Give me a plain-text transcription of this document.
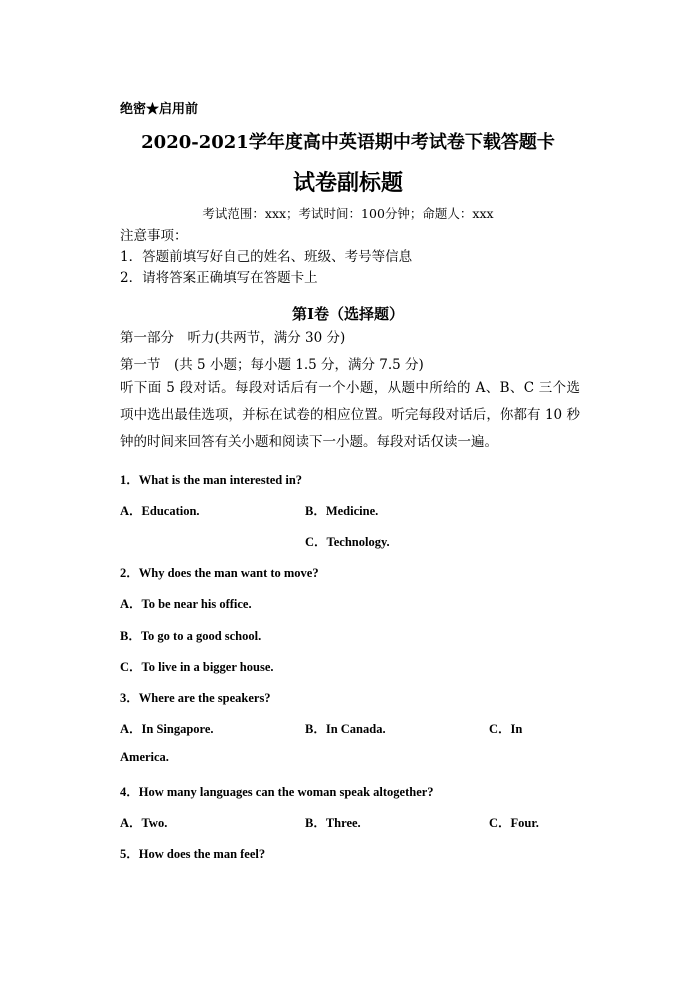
绝密★启用前
2020-2021学年度高中英语期中考试卷下载答题卡
试卷副标题
考试范围：xxx；考试时间：100分钟；命题人：xxx
注意事项：
1．答题前填写好自己的姓名、班级、考号等信息
2．请将答案正确填写在答题卡上
第I卷（选择题）
第一部分　听力(共两节，满分 30 分)
第一节　(共 5 小题；每小题 1.5 分，满分 7.5 分)
听下面 5 段对话。每段对话后有一个小题，从题中所给的 A、B、C 三个选项中选出最佳选项，并标在试卷的相应位置。听完每段对话后，你都有 10 秒钟的时间来回答有关小题和阅读下一小题。每段对话仅读一遍。
1．What is the man interested in?
A．Education.	B．Medicine.
C．Technology.
2．Why does the man want to move?
A．To be near his office.
B．To go to a good school.
C．To live in a bigger house.
3．Where are the speakers?
A．In Singapore.	B．In Canada.	C．In
America.
4．How many languages can the woman speak altogether?
A．Two.	B．Three.	C．Four.
5．How does the man feel?
